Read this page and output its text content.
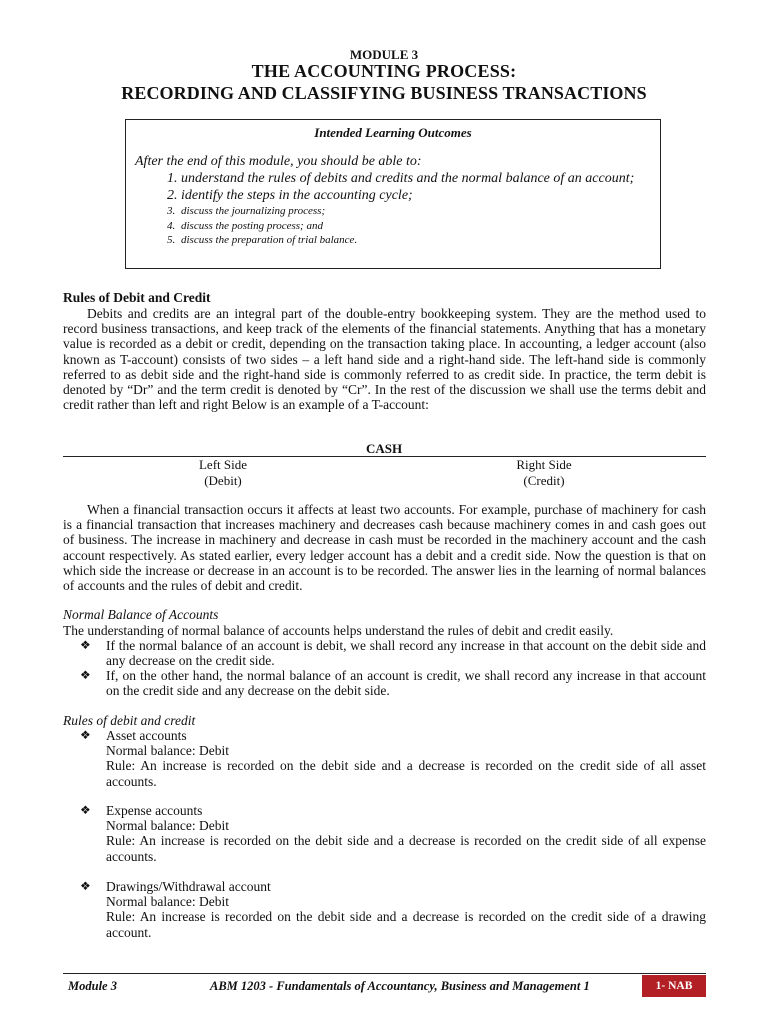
MODULE 3
THE ACCOUNTING PROCESS:
RECORDING AND CLASSIFYING BUSINESS TRANSACTIONS
Intended Learning Outcomes
After the end of this module, you should be able to:
1. understand the rules of debits and credits and the normal balance of an account;
2. identify the steps in the accounting cycle;
3. discuss the journalizing process;
4. discuss the posting process; and
5. discuss the preparation of trial balance.
Rules of Debit and Credit
Debits and credits are an integral part of the double-entry bookkeeping system. They are the method used to record business transactions, and keep track of the elements of the financial statements. Anything that has a monetary value is recorded as a debit or credit, depending on the transaction taking place. In accounting, a ledger account (also known as T-account) consists of two sides – a left hand side and a right-hand side. The left-hand side is commonly referred to as debit side and the right-hand side is commonly referred to as credit side. In practice, the term debit is denoted by “Dr” and the term credit is denoted by “Cr”. In the rest of the discussion we shall use the terms debit and credit rather than left and right Below is an example of a T-account:
CASH
Left Side
(Debit)
Right Side
(Credit)
When a financial transaction occurs it affects at least two accounts. For example, purchase of machinery for cash is a financial transaction that increases machinery and decreases cash because machinery comes in and cash goes out of business. The increase in machinery and decrease in cash must be recorded in the machinery account and the cash account respectively. As stated earlier, every ledger account has a debit and a credit side. Now the question is that on which side the increase or decrease in an account is to be recorded. The answer lies in the learning of normal balances of accounts and the rules of debit and credit.
Normal Balance of Accounts
The understanding of normal balance of accounts helps understand the rules of debit and credit easily.
❖	If the normal balance of an account is debit, we shall record any increase in that account on the debit side and any decrease on the credit side.
❖	If, on the other hand, the normal balance of an account is credit, we shall record any increase in that account on the credit side and any decrease on the debit side.
Rules of debit and credit
❖ Asset accounts
Normal balance: Debit
Rule: An increase is recorded on the debit side and a decrease is recorded on the credit side of all asset accounts.
❖ Expense accounts
Normal balance: Debit
Rule: An increase is recorded on the debit side and a decrease is recorded on the credit side of all expense accounts.
❖ Drawings/Withdrawal account
Normal balance: Debit
Rule: An increase is recorded on the debit side and a decrease is recorded on the credit side of a drawing account.
Module 3	ABM 1203 - Fundamentals of Accountancy, Business and Management 1	1- NAB
